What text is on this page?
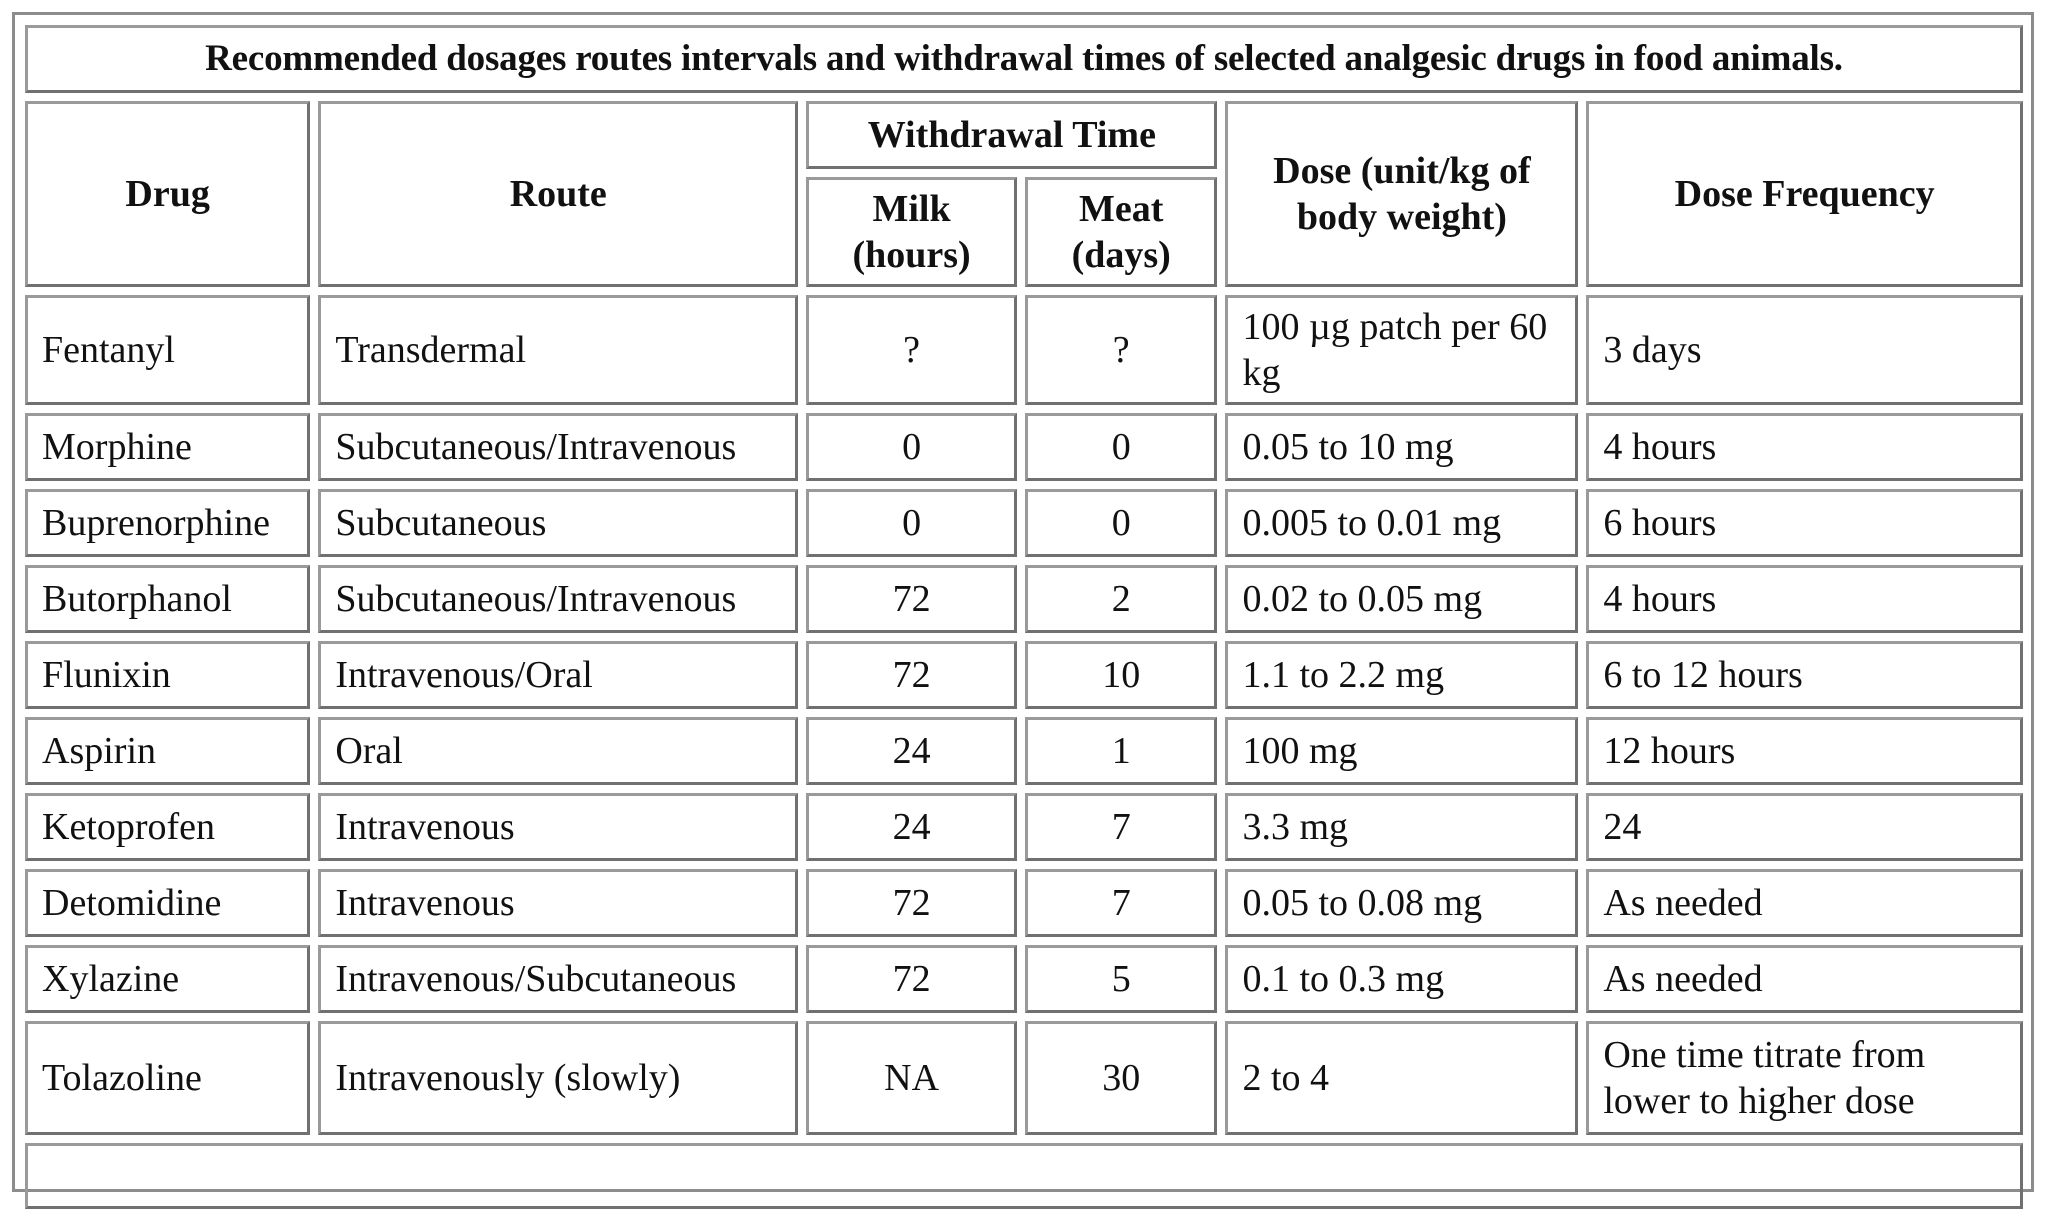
Recommended dosages routes intervals and withdrawal times of selected analgesic drugs in food animals.					
Drug	Route	Withdrawal Time		Dose (unit/kg of body weight)	Dose Frequency
		Milk (hours)	Meat (days)		
Fentanyl	Transdermal	?	?	100 µg patch per 60 kg	3 days
Morphine	Subcutaneous/Intravenous	0	0	0.05 to 10 mg	4 hours
Buprenorphine	Subcutaneous	0	0	0.005 to 0.01 mg	6 hours
Butorphanol	Subcutaneous/Intravenous	72	2	0.02 to 0.05 mg	4 hours
Flunixin	Intravenous/Oral	72	10	1.1 to 2.2 mg	6 to 12 hours
Aspirin	Oral	24	1	100 mg	12 hours
Ketoprofen	Intravenous	24	7	3.3 mg	24
Detomidine	Intravenous	72	7	0.05 to 0.08 mg	As needed
Xylazine	Intravenous/Subcutaneous	72	5	0.1 to 0.3 mg	As needed
Tolazoline	Intravenously (slowly)	NA	30	2 to 4	One time titrate from lower to higher dose
